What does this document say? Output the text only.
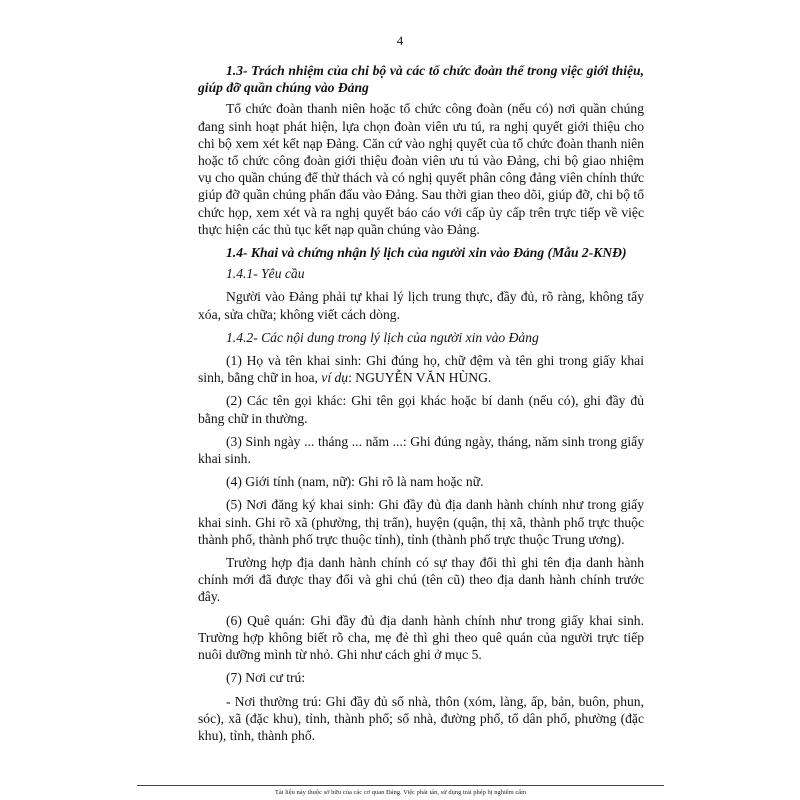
4

1.3- Trách nhiệm của chi bộ và các tổ chức đoàn thể trong việc giới thiệu, giúp đỡ quần chúng vào Đảng

Tổ chức đoàn thanh niên hoặc tổ chức công đoàn (nếu có) nơi quần chúng đang sinh hoạt phát hiện, lựa chọn đoàn viên ưu tú, ra nghị quyết giới thiệu cho chi bộ xem xét kết nạp Đảng. Căn cứ vào nghị quyết của tổ chức đoàn thanh niên hoặc tổ chức công đoàn giới thiệu đoàn viên ưu tú vào Đảng, chi bộ giao nhiệm vụ cho quần chúng để thử thách và có nghị quyết phân công đảng viên chính thức giúp đỡ quần chúng phấn đấu vào Đảng. Sau thời gian theo dõi, giúp đỡ, chi bộ tổ chức họp, xem xét và ra nghị quyết báo cáo với cấp ủy cấp trên trực tiếp về việc thực hiện các thủ tục kết nạp quần chúng vào Đảng.

1.4- Khai và chứng nhận lý lịch của người xin vào Đảng (Mẫu 2-KNĐ)

1.4.1- Yêu cầu

Người vào Đảng phải tự khai lý lịch trung thực, đầy đủ, rõ ràng, không tẩy xóa, sửa chữa; không viết cách dòng.

1.4.2- Các nội dung trong lý lịch của người xin vào Đảng

(1) Họ và tên khai sinh: Ghi đúng họ, chữ đệm và tên ghi trong giấy khai sinh, bằng chữ in hoa, ví dụ: NGUYỄN VĂN HÙNG.

(2) Các tên gọi khác: Ghi tên gọi khác hoặc bí danh (nếu có), ghi đầy đủ bằng chữ in thường.

(3) Sinh ngày ... tháng ... năm ...: Ghi đúng ngày, tháng, năm sinh trong giấy khai sinh.

(4) Giới tính (nam, nữ): Ghi rõ là nam hoặc nữ.

(5) Nơi đăng ký khai sinh: Ghi đầy đủ địa danh hành chính như trong giấy khai sinh. Ghi rõ xã (phường, thị trấn), huyện (quận, thị xã, thành phố trực thuộc thành phố, thành phố trực thuộc tỉnh), tỉnh (thành phố trực thuộc Trung ương).

Trường hợp địa danh hành chính có sự thay đổi thì ghi tên địa danh hành chính mới đã được thay đổi và ghi chú (tên cũ) theo địa danh hành chính trước đây.

(6) Quê quán: Ghi đầy đủ địa danh hành chính như trong giấy khai sinh. Trường hợp không biết rõ cha, mẹ đẻ thì ghi theo quê quán của người trực tiếp nuôi dưỡng mình từ nhỏ. Ghi như cách ghi ở mục 5.

(7) Nơi cư trú:

- Nơi thường trú: Ghi đầy đủ số nhà, thôn (xóm, làng, ấp, bản, buôn, phun, sóc), xã (đặc khu), tỉnh, thành phố; số nhà, đường phố, tổ dân phố, phường (đặc khu), tỉnh, thành phố.

Tài liệu này thuộc sở hữu của các cơ quan Đảng. Việc phát tán, sử dụng trái phép bị nghiêm cấm
